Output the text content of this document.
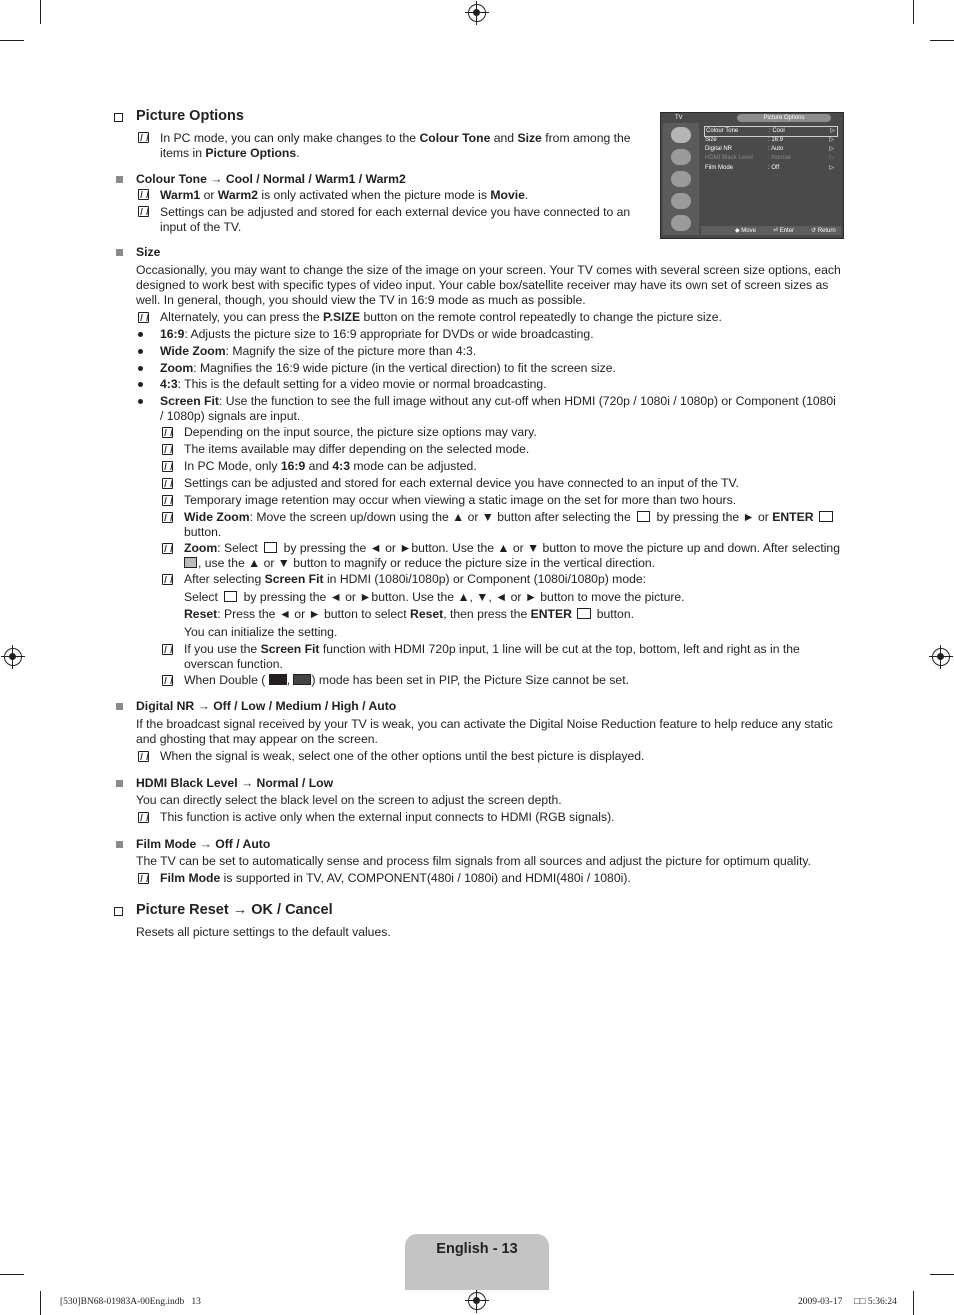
Picture Options
In PC mode, you can only make changes to the Colour Tone and Size from among the
items in Picture Options.
Colour Tone → Cool / Normal / Warm1 / Warm2
Warm1 or Warm2 is only activated when the picture mode is Movie.
Settings can be adjusted and stored for each external device you have connected to an
input of the TV.
TV	Picture Options
Colour Tone	: Cool	▷
Size	: 16:9	▷
Digital NR	: Auto	▷
HDMI Black Level	: Normal	▷
Film Mode	: Off	▷
◆ Move	⏎ Enter	↺ Return
Size
Occasionally, you may want to change the size of the image on your screen. Your TV comes with several screen size options, each
designed to work best with specific types of video input. Your cable box/satellite receiver may have its own set of screen sizes as
well. In general, though, you should view the TV in 16:9 mode as much as possible.
Alternately, you can press the P.SIZE button on the remote control repeatedly to change the picture size.
16:9: Adjusts the picture size to 16:9 appropriate for DVDs or wide broadcasting.
Wide Zoom: Magnify the size of the picture more than 4:3.
Zoom: Magnifies the 16:9 wide picture (in the vertical direction) to fit the screen size.
4:3: This is the default setting for a video movie or normal broadcasting.
Screen Fit: Use the function to see the full image without any cut-off when HDMI (720p / 1080i / 1080p) or Component (1080i
/ 1080p) signals are input.
Depending on the input source, the picture size options may vary.
The items available may differ depending on the selected mode.
In PC Mode, only 16:9 and 4:3 mode can be adjusted.
Settings can be adjusted and stored for each external device you have connected to an input of the TV.
Temporary image retention may occur when viewing a static image on the set for more than two hours.
Wide Zoom: Move the screen up/down using the ▲ or ▼ button after selecting the by pressing the ► or ENTER
button.
Zoom: Select by pressing the ◄ or ►button. Use the ▲ or ▼ button to move the picture up and down. After selecting
, use the ▲ or ▼ button to magnify or reduce the picture size in the vertical direction.
After selecting Screen Fit in HDMI (1080i/1080p) or Component (1080i/1080p) mode:
Select by pressing the ◄ or ►button. Use the ▲, ▼, ◄ or ► button to move the picture.
Reset: Press the ◄ or ► button to select Reset, then press the ENTER button.
You can initialize the setting.
If you use the Screen Fit function with HDMI 720p input, 1 line will be cut at the top, bottom, left and right as in the
overscan function.
When Double ( , ) mode has been set in PIP, the Picture Size cannot be set.
Digital NR → Off / Low / Medium / High / Auto
If the broadcast signal received by your TV is weak, you can activate the Digital Noise Reduction feature to help reduce any static
and ghosting that may appear on the screen.
When the signal is weak, select one of the other options until the best picture is displayed.
HDMI Black Level → Normal / Low
You can directly select the black level on the screen to adjust the screen depth.
This function is active only when the external input connects to HDMI (RGB signals).
Film Mode → Off / Auto
The TV can be set to automatically sense and process film signals from all sources and adjust the picture for optimum quality.
Film Mode is supported in TV, AV, COMPONENT(480i / 1080i) and HDMI(480i / 1080i).
Picture Reset → OK / Cancel
Resets all picture settings to the default values.
English - 13
[530]BN68-01983A-00Eng.indb   13	2009-03-17 □□ 5:36:24
